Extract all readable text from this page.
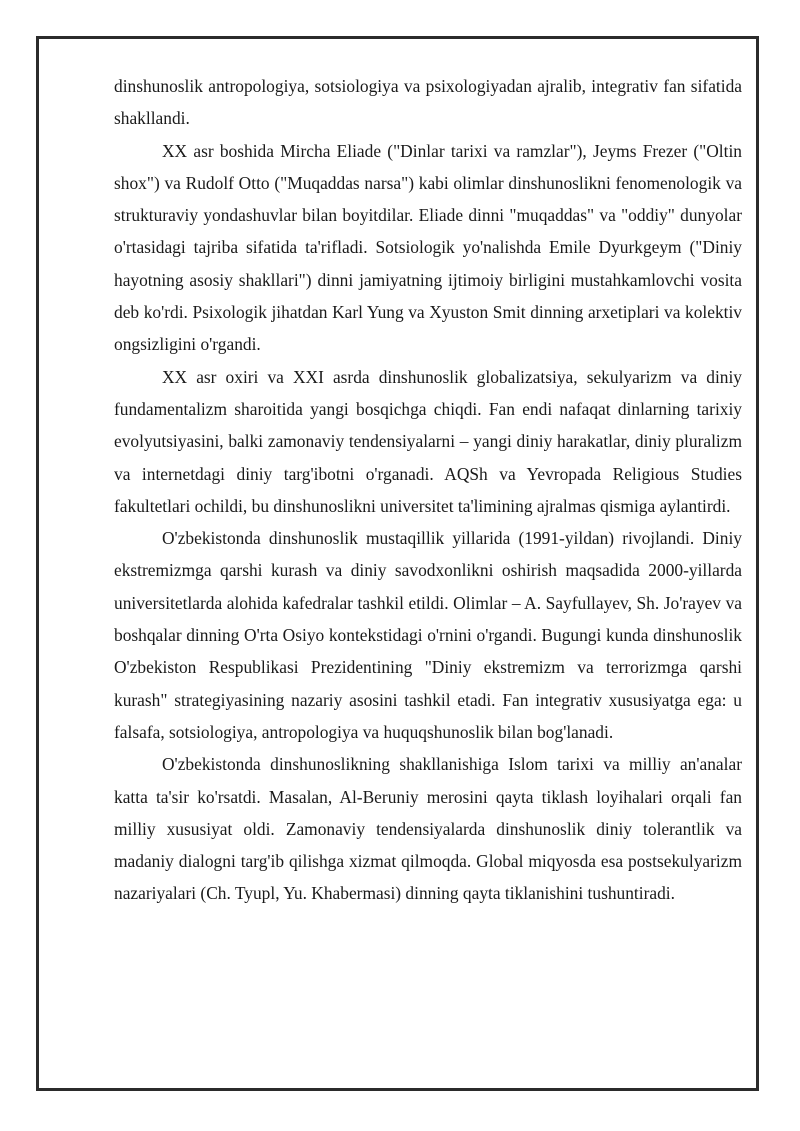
dinshunoslik antropologiya, sotsiologiya va psixologiyadan ajralib, integrativ fan sifatida shakllandi.

XX asr boshida Mircha Eliade ("Dinlar tarixi va ramzlar"), Jeyms Frezer ("Oltin shox") va Rudolf Otto ("Muqaddas narsa") kabi olimlar dinshunoslikni fenomenologik va strukturaviy yondashuvlar bilan boyitdilar. Eliade dinni "muqaddas" va "oddiy" dunyolar o'rtasidagi tajriba sifatida ta'rifladi. Sotsiologik yo'nalishda Emile Dyurkgeym ("Diniy hayotning asosiy shakllari") dinni jamiyatning ijtimoiy birligini mustahkamlovchi vosita deb ko'rdi. Psixologik jihatdan Karl Yung va Xyuston Smit dinning arxetiplari va kolektiv ongsizligini o'rgandi.

XX asr oxiri va XXI asrda dinshunoslik globalizatsiya, sekulyarizm va diniy fundamentalizm sharoitida yangi bosqichga chiqdi. Fan endi nafaqat dinlarning tarixiy evolyutsiyasini, balki zamonaviy tendensiyalarni – yangi diniy harakatlar, diniy pluralizm va internetdagi diniy targ'ibotni o'rganadi. AQSh va Yevropada Religious Studies fakultetlari ochildi, bu dinshunoslikni universitet ta'limining ajralmas qismiga aylantirdi.

O'zbekistonda dinshunoslik mustaqillik yillarida (1991-yildan) rivojlandi. Diniy ekstremizmga qarshi kurash va diniy savodxonlikni oshirish maqsadida 2000-yillarda universitetlarda alohida kafedralar tashkil etildi. Olimlar – A. Sayfullayev, Sh. Jo'rayev va boshqalar dinning O'rta Osiyo kontekstidagi o'rnini o'rgandi. Bugungi kunda dinshunoslik O'zbekiston Respublikasi Prezidentining "Diniy ekstremizm va terrorizmga qarshi kurash" strategiyasining nazariy asosini tashkil etadi. Fan integrativ xususiyatga ega: u falsafa, sotsiologiya, antropologiya va huquqshunoslik bilan bog'lanadi.

O'zbekistonda dinshunoslikning shakllanishiga Islom tarixi va milliy an'analar katta ta'sir ko'rsatdi. Masalan, Al-Beruniy merosini qayta tiklash loyihalari orqali fan milliy xususiyat oldi. Zamonaviy tendensiyalarda dinshunoslik diniy tolerantlik va madaniy dialogni targ'ib qilishga xizmat qilmoqda. Global miqyosda esa postsekulyarizm nazariyalari (Ch. Tyupl, Yu. Khabermasi) dinning qayta tiklanishini tushuntiradi.
